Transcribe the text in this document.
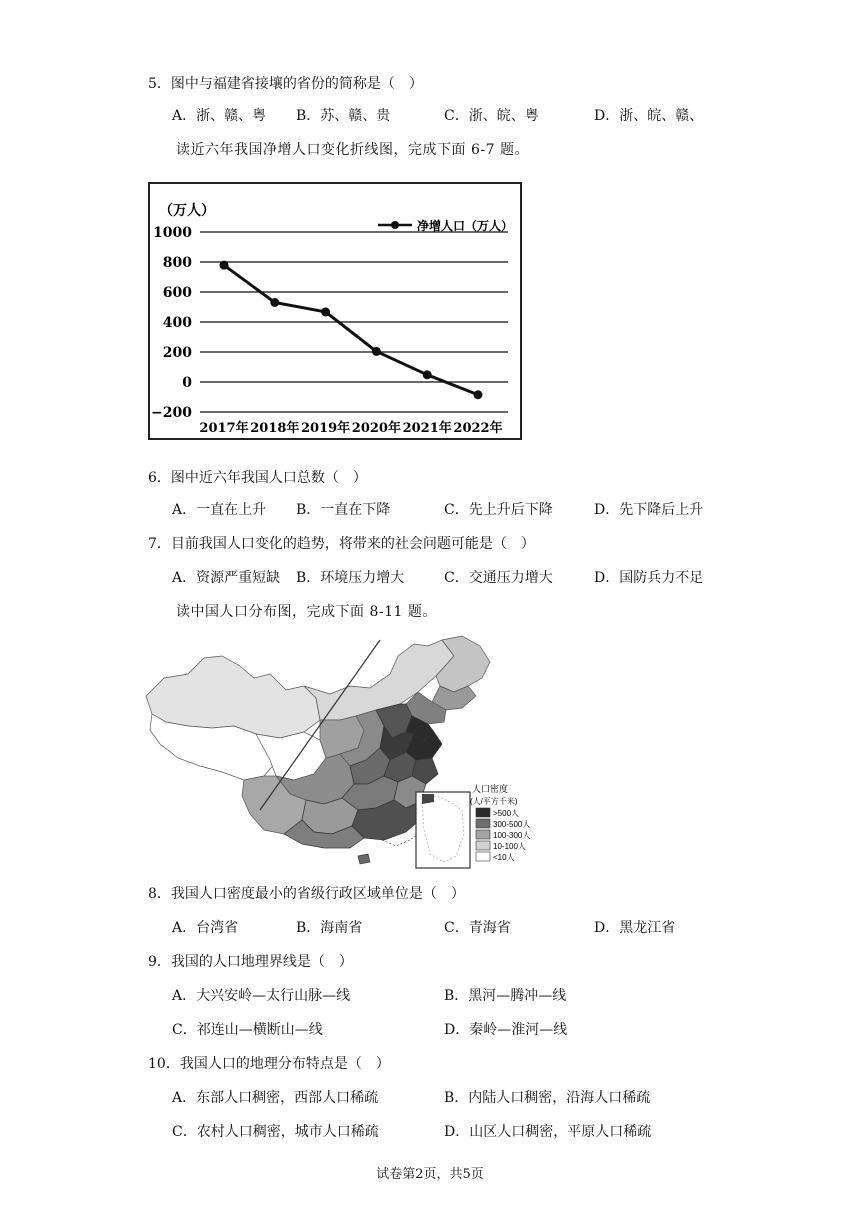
5．图中与福建省接壤的省份的简称是（　）
A．浙、赣、粤 B．苏、赣、贵	C．浙、皖、粤	D．浙、皖、赣、
读近六年我国净增人口变化折线图，完成下面 6-7 题。
1000
800
600
400
200
0
−200
2017年 2018年 2019年 2020年 2021年 2022年
（万人）
净增人口（万人）
6．图中近六年我国人口总数（　）
A．一直在上升 B．一直在下降	C．先上升后下降	D．先下降后上升
7．目前我国人口变化的趋势，将带来的社会问题可能是（　）
A．资源严重短缺 B．环境压力增大	C．交通压力增大	D．国防兵力不足
读中国人口分布图，完成下面 8-11 题。
人口密度
(人/平方千米)
>500人
300-500人
100-300人
10-100人
<10人
8．我国人口密度最小的省级行政区域单位是（　）
A．台湾省	B．海南省	C．青海省	D．黑龙江省
9．我国的人口地理界线是（　）
A．大兴安岭—太行山脉—线	B．黑河—腾冲—线
C．祁连山—横断山—线	D．秦岭—淮河—线
10．我国人口的地理分布特点是（　）
A．东部人口稠密，西部人口稀疏	B．内陆人口稠密，沿海人口稀疏
C．农村人口稠密，城市人口稀疏	D．山区人口稠密，平原人口稀疏
试卷第2页，共5页
